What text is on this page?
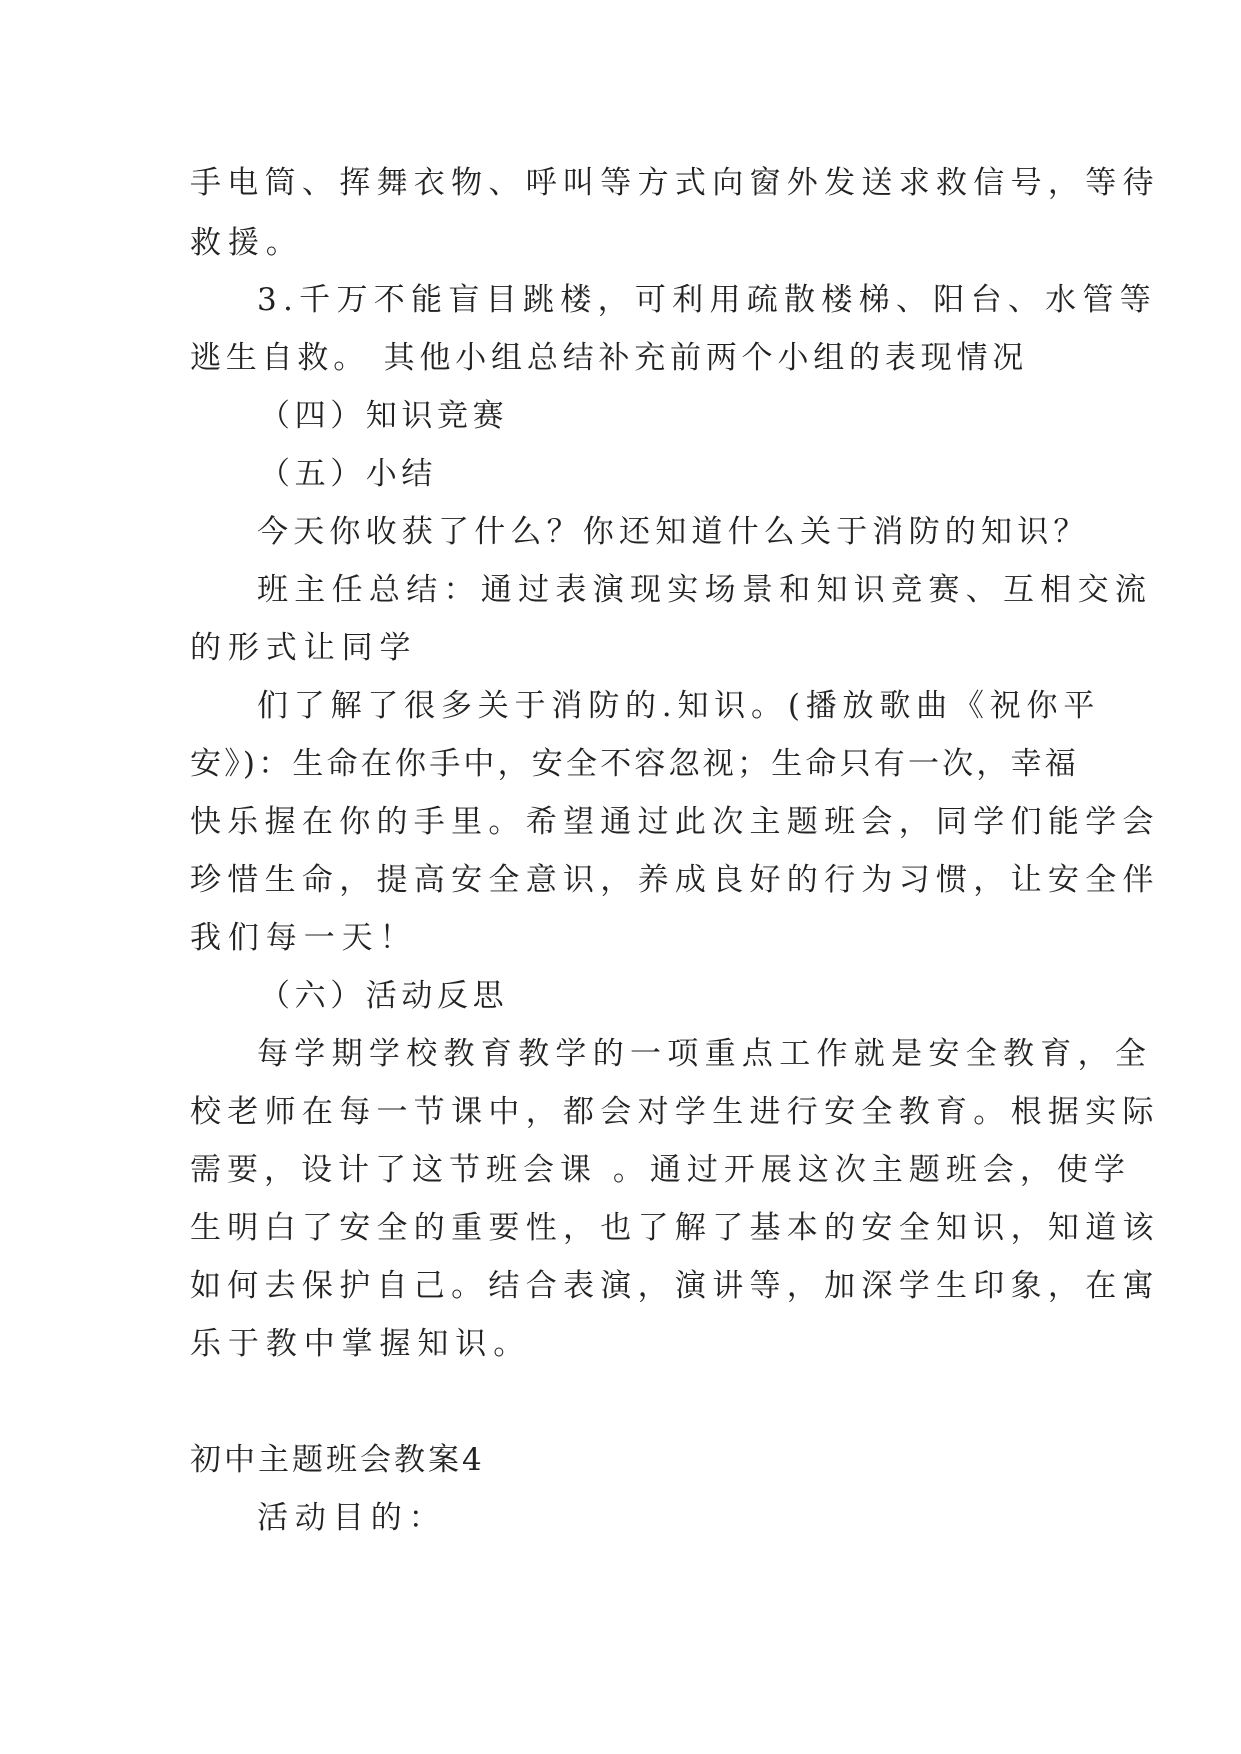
手电筒、挥舞衣物、呼叫等方式向窗外发送求救信号，等待
救援。
3.千万不能盲目跳楼，可利用疏散楼梯、阳台、水管等
逃生自救。 其他小组总结补充前两个小组的表现情况
（四）知识竞赛
（五）小结
今天你收获了什么？你还知道什么关于消防的知识？
班主任总结：通过表演现实场景和知识竞赛、互相交流
的形式让同学
们了解了很多关于消防的.知识。(播放歌曲《祝你平
安》)：生命在你手中，安全不容忽视；生命只有一次，幸福
快乐握在你的手里。希望通过此次主题班会，同学们能学会
珍惜生命，提高安全意识，养成良好的行为习惯，让安全伴
我们每一天！
（六）活动反思
每学期学校教育教学的一项重点工作就是安全教育，全
校老师在每一节课中，都会对学生进行安全教育。根据实际
需要，设计了这节班会课 。通过开展这次主题班会，使学
生明白了安全的重要性，也了解了基本的安全知识，知道该
如何去保护自己。结合表演，演讲等，加深学生印象，在寓
乐于教中掌握知识。
初中主题班会教案4
活动目的：
